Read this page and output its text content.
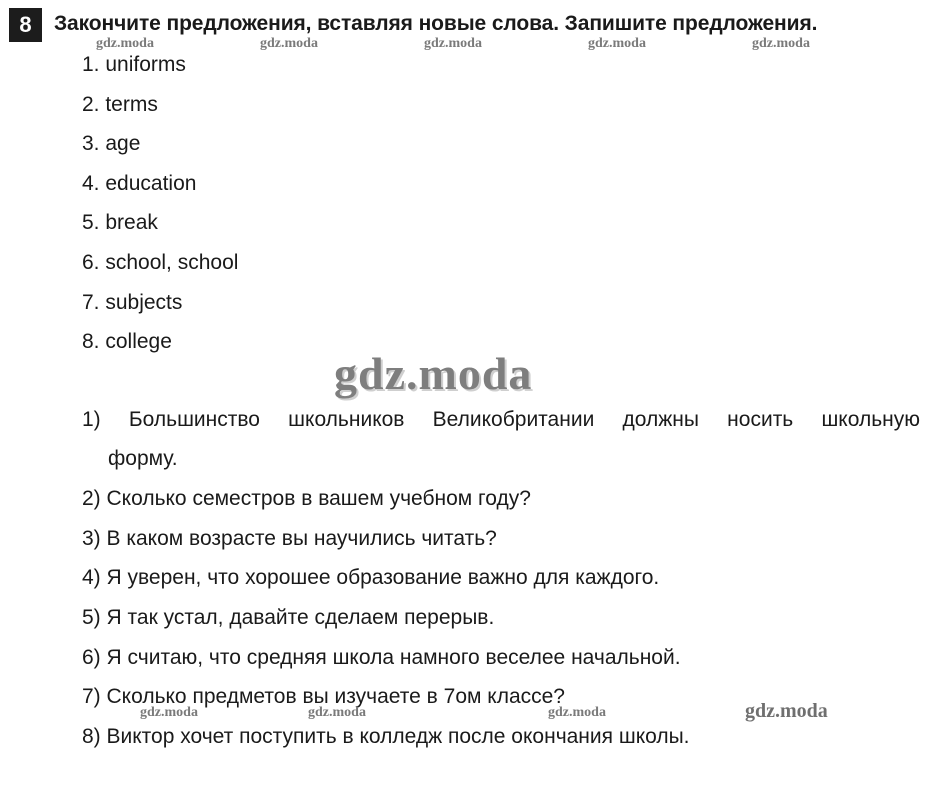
8	Закончите предложения, вставляя новые слова. Запишите предложения.
gdz.moda	gdz.moda	gdz.moda	gdz.moda	gdz.moda
1. uniforms
2. terms
3. age
4. education
5. break
6. school, school
7. subjects
8. college
gdz.moda
1) Большинство школьников Великобритании должны носить школьную
форму.
2) Сколько семестров в вашем учебном году?
3) В каком возрасте вы научились читать?
4) Я уверен, что хорошее образование важно для каждого.
5) Я так устал, давайте сделаем перерыв.
6) Я считаю, что средняя школа намного веселее начальной.
7) Сколько предметов вы изучаете в 7ом классе?
8) Виктор хочет поступить в колледж после окончания школы.
gdz.moda	gdz.moda	gdz.moda	gdz.moda
